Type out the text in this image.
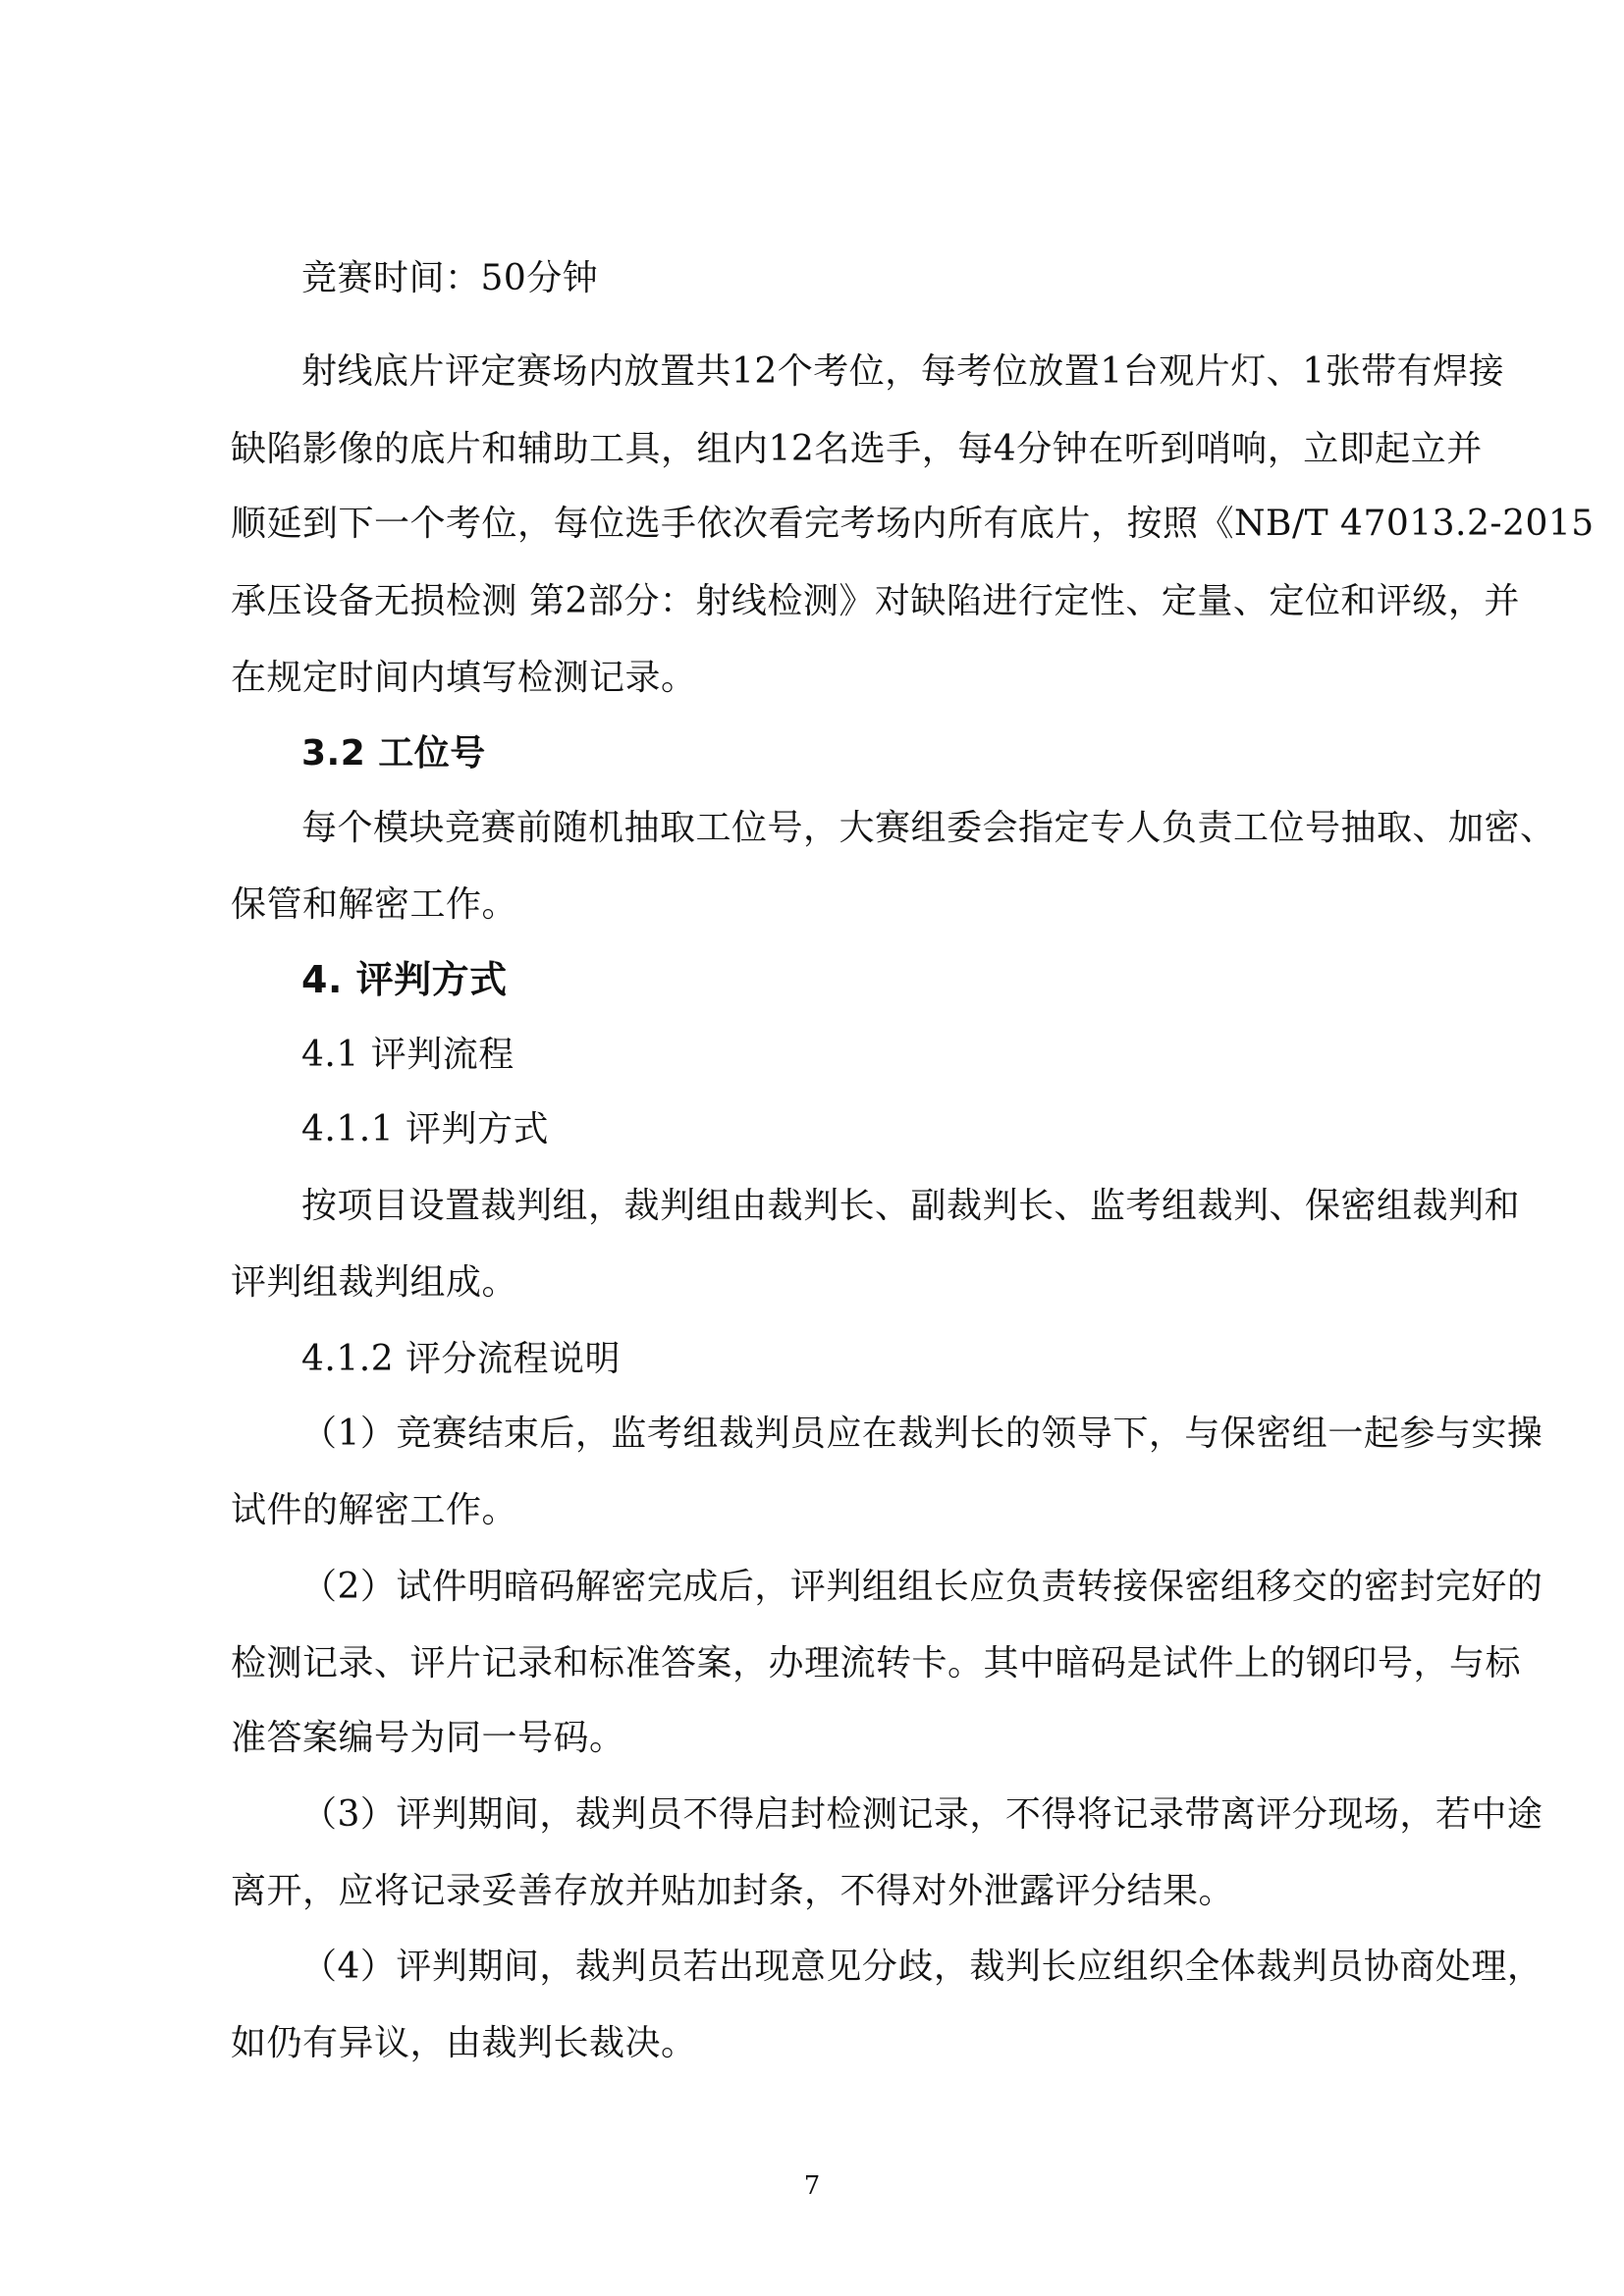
竞赛时间：50分钟
射线底片评定赛场内放置共12个考位，每考位放置1台观片灯、1张带有焊接
缺陷影像的底片和辅助工具，组内12名选手，每4分钟在听到哨响，立即起立并
顺延到下一个考位，每位选手依次看完考场内所有底片，按照《NB/T 47013.2-2015
承压设备无损检测 第2部分：射线检测》对缺陷进行定性、定量、定位和评级，并
在规定时间内填写检测记录。
3.2 工位号
每个模块竞赛前随机抽取工位号，大赛组委会指定专人负责工位号抽取、加密、
保管和解密工作。
4. 评判方式
4.1 评判流程
4.1.1 评判方式
按项目设置裁判组，裁判组由裁判长、副裁判长、监考组裁判、保密组裁判和
评判组裁判组成。
4.1.2 评分流程说明
（1）竞赛结束后，监考组裁判员应在裁判长的领导下，与保密组一起参与实操
试件的解密工作。
（2）试件明暗码解密完成后，评判组组长应负责转接保密组移交的密封完好的
检测记录、评片记录和标准答案，办理流转卡。其中暗码是试件上的钢印号，与标
准答案编号为同一号码。
（3）评判期间，裁判员不得启封检测记录，不得将记录带离评分现场，若中途
离开，应将记录妥善存放并贴加封条，不得对外泄露评分结果。
（4）评判期间，裁判员若出现意见分歧，裁判长应组织全体裁判员协商处理，
如仍有异议，由裁判长裁决。
7
